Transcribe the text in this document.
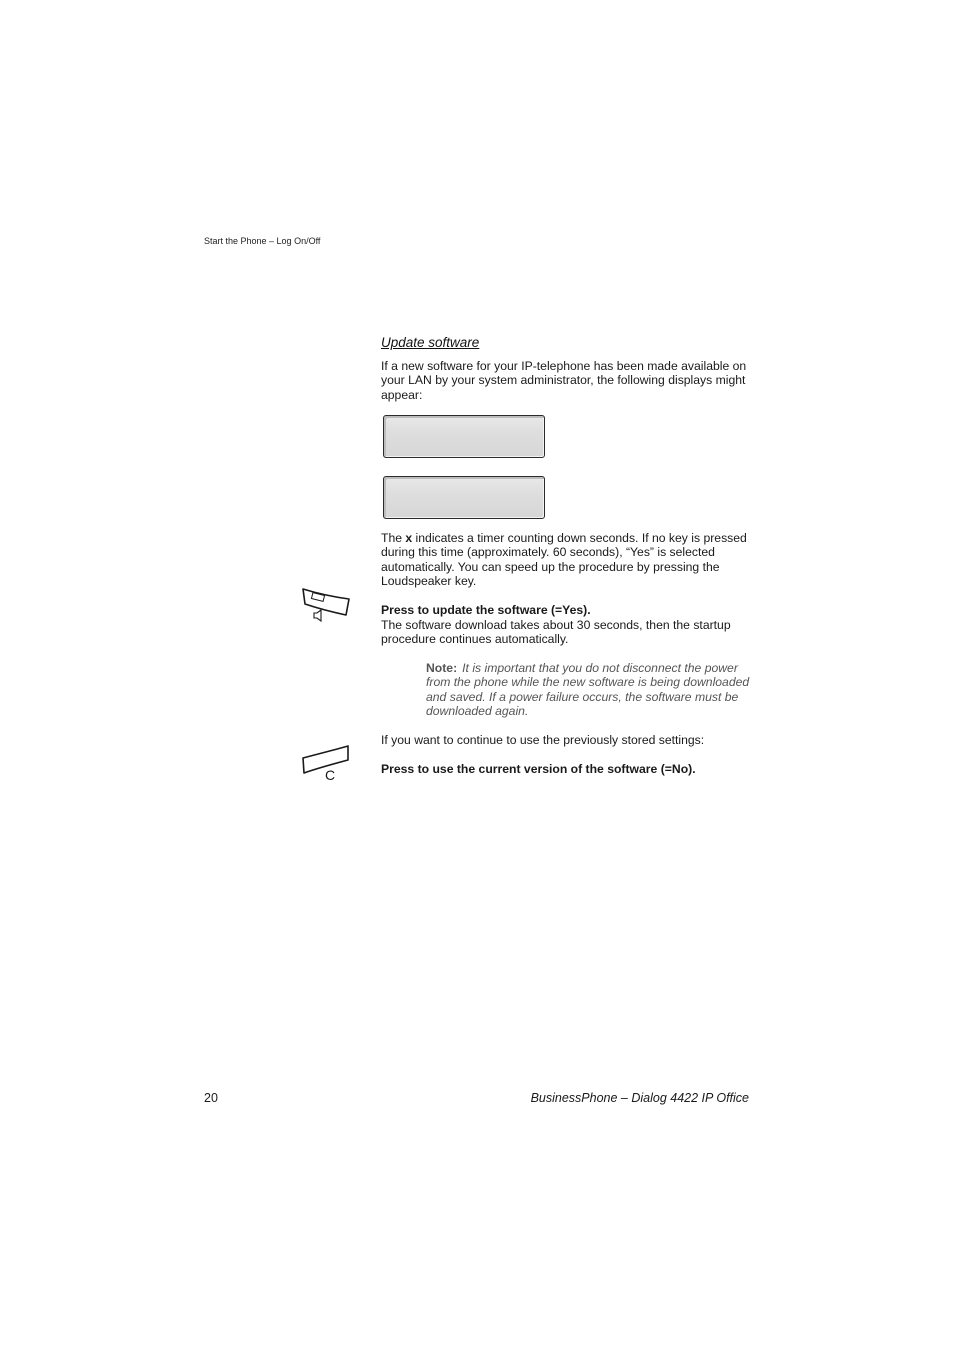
Start the Phone – Log On/Off
Update software
If a new software for your IP-telephone has been made available on your LAN by your system administrator, the following displays might appear:
The x indicates a timer counting down seconds. If no key is pressed during this time (approximately. 60 seconds), “Yes” is selected automatically. You can speed up the procedure by pressing the Loudspeaker key.
Press to update the software (=Yes).
The software download takes about 30 seconds, then the startup procedure continues automatically.
Note: It is important that you do not disconnect the power from the phone while the new software is being downloaded and saved. If a power failure occurs, the software must be downloaded again.
If you want to continue to use the previously stored settings:
C	Press to use the current version of the software (=No).
20	BusinessPhone – Dialog 4422 IP Office
